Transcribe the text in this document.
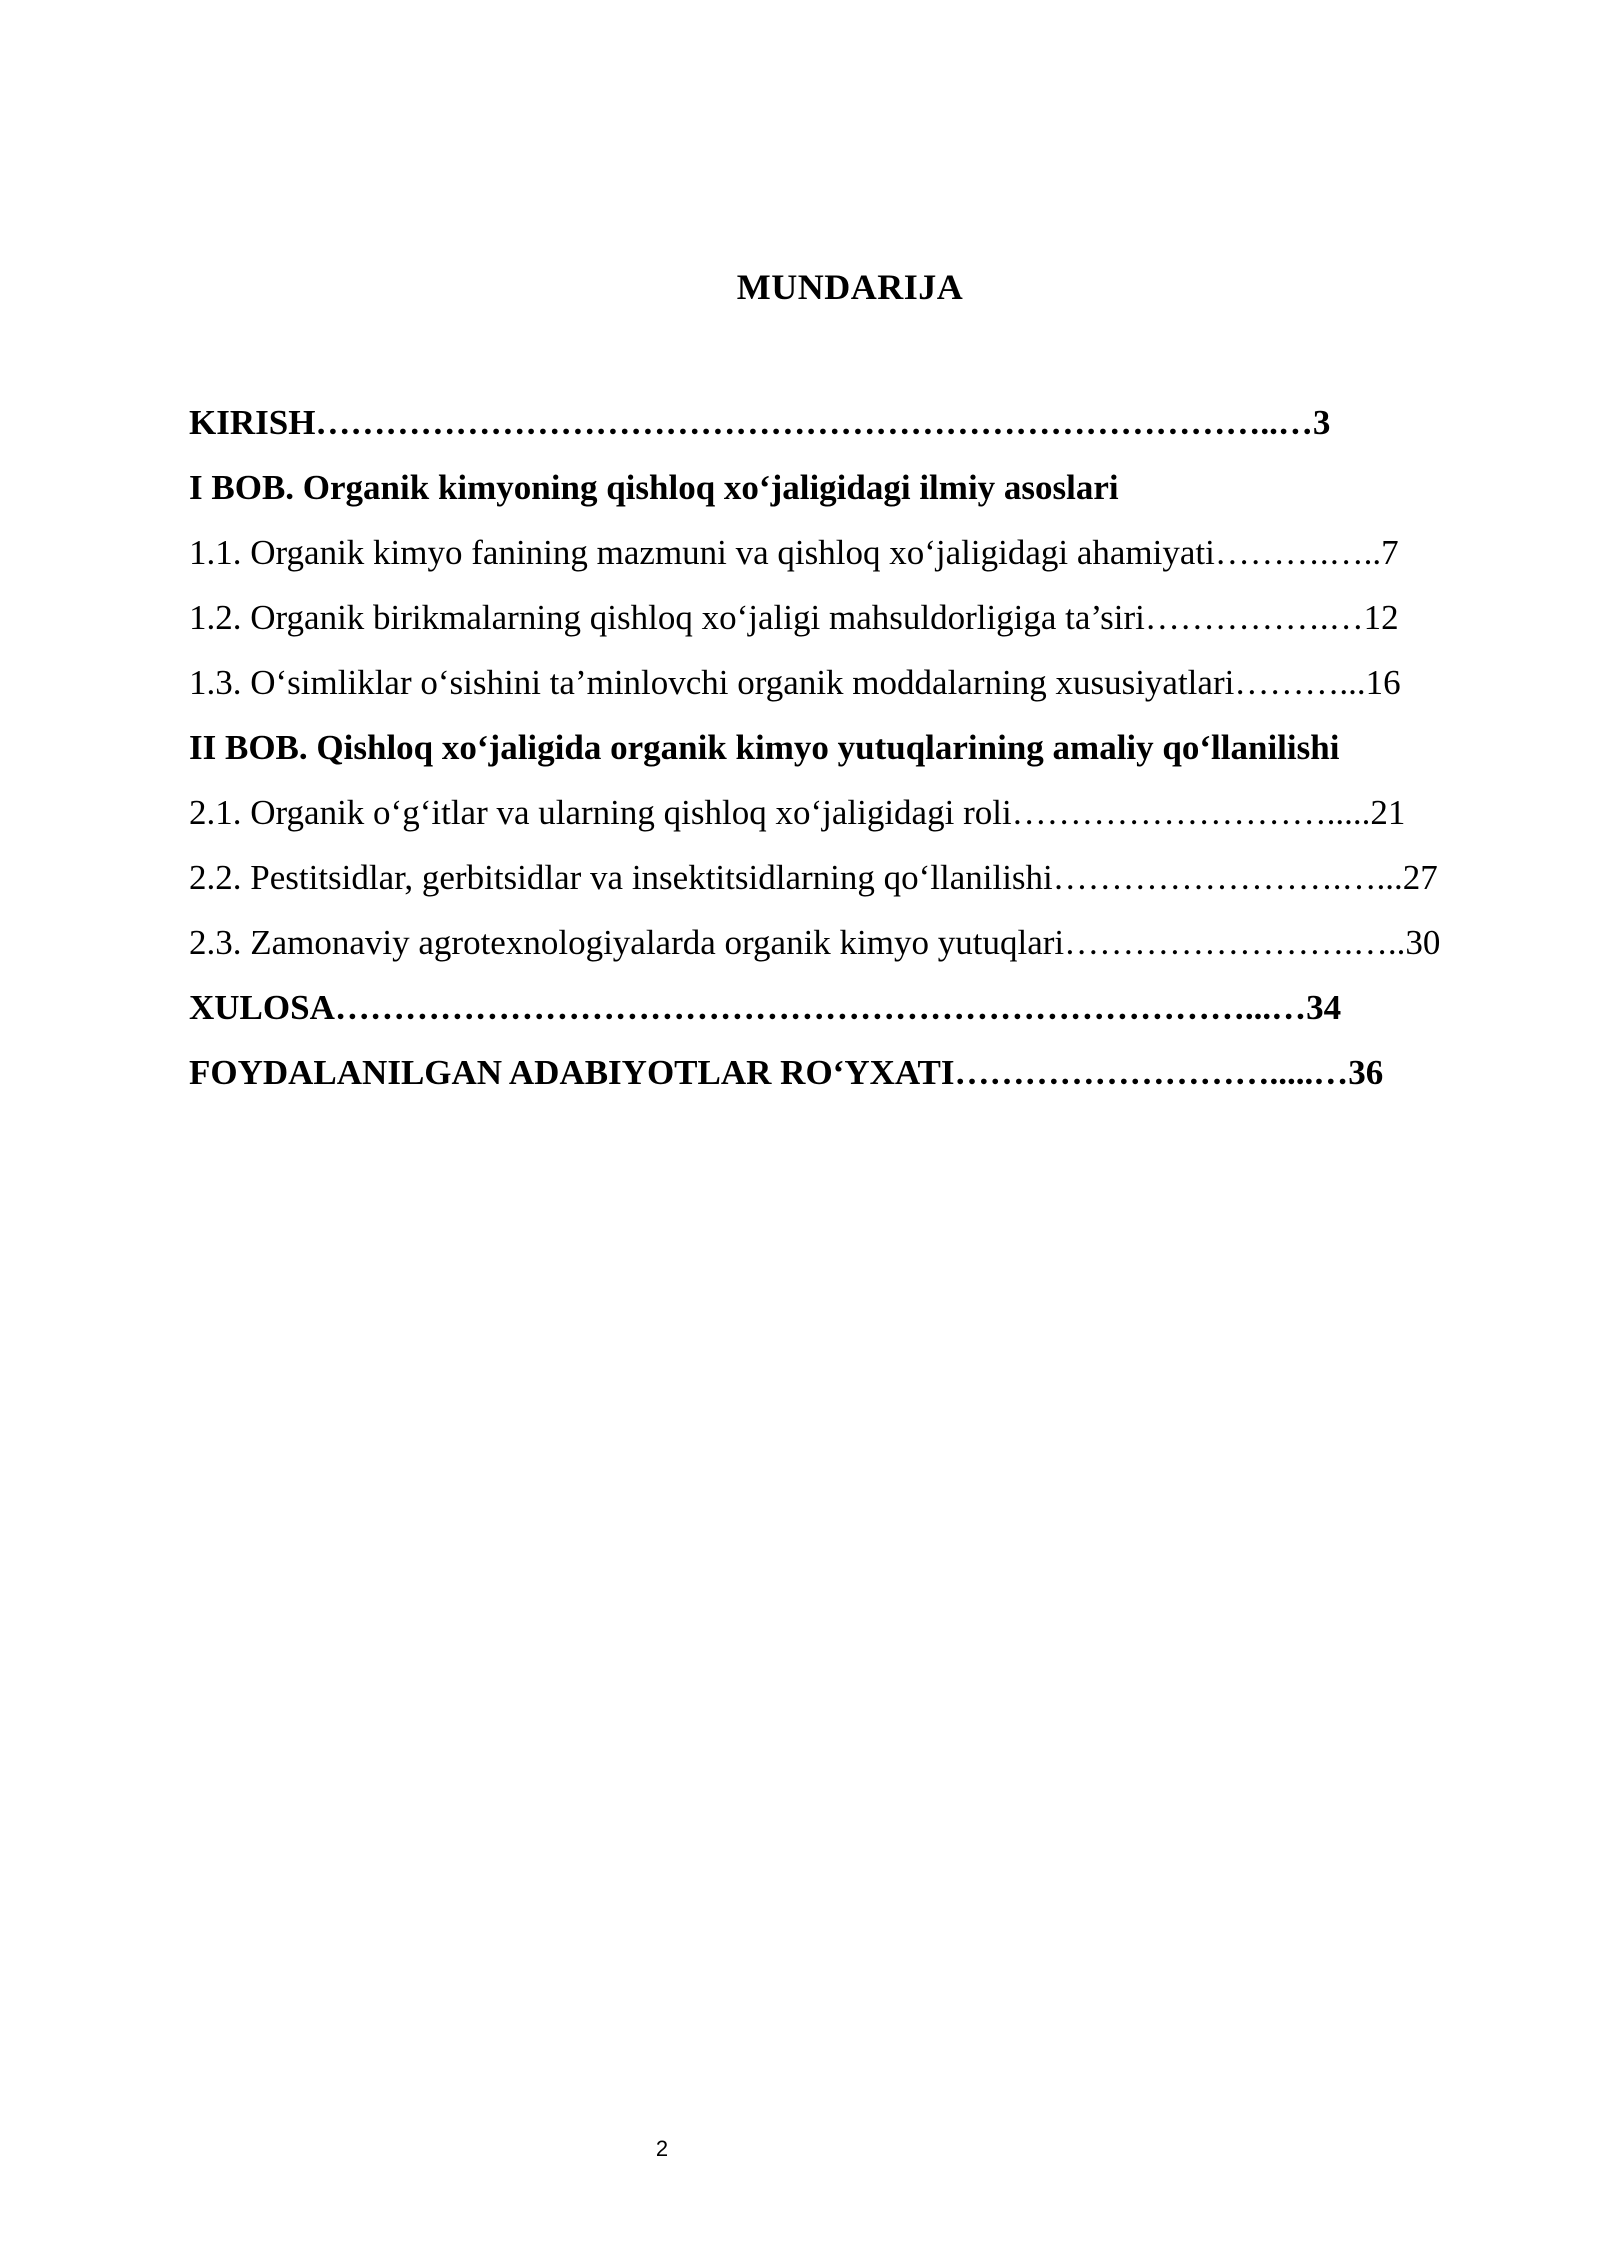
MUNDARIJA
KIRISH………………………………………………………………………..…3
I BOB. Organik kimyoning qishloq xo‘jaligidagi ilmiy asoslari
1.1. Organik kimyo fanining mazmuni va qishloq xo‘jaligidagi ahamiyati……….…..7
1.2. Organik birikmalarning qishloq xo‘jaligi mahsuldorligiga ta’siri…………….…12
1.3. O‘simliklar o‘sishini ta’minlovchi organik moddalarning xususiyatlari………...16
II BOB. Qishloq xo‘jaligida organik kimyo yutuqlarining amaliy qo‘llanilishi
2.1. Organik o‘g‘itlar va ularning qishloq xo‘jaligidagi roli……………………….....21
2.2. Pestitsidlar, gerbitsidlar va insektitsidlarning qo‘llanilishi…………………….…...27
2.3. Zamonaviy agrotexnologiyalarda organik kimyo yutuqlari…………………….…..30
XULOSA……………………………………………………………………...…34
FOYDALANILGAN ADABIYOTLAR RO‘YXATI……………………….....…36
2
